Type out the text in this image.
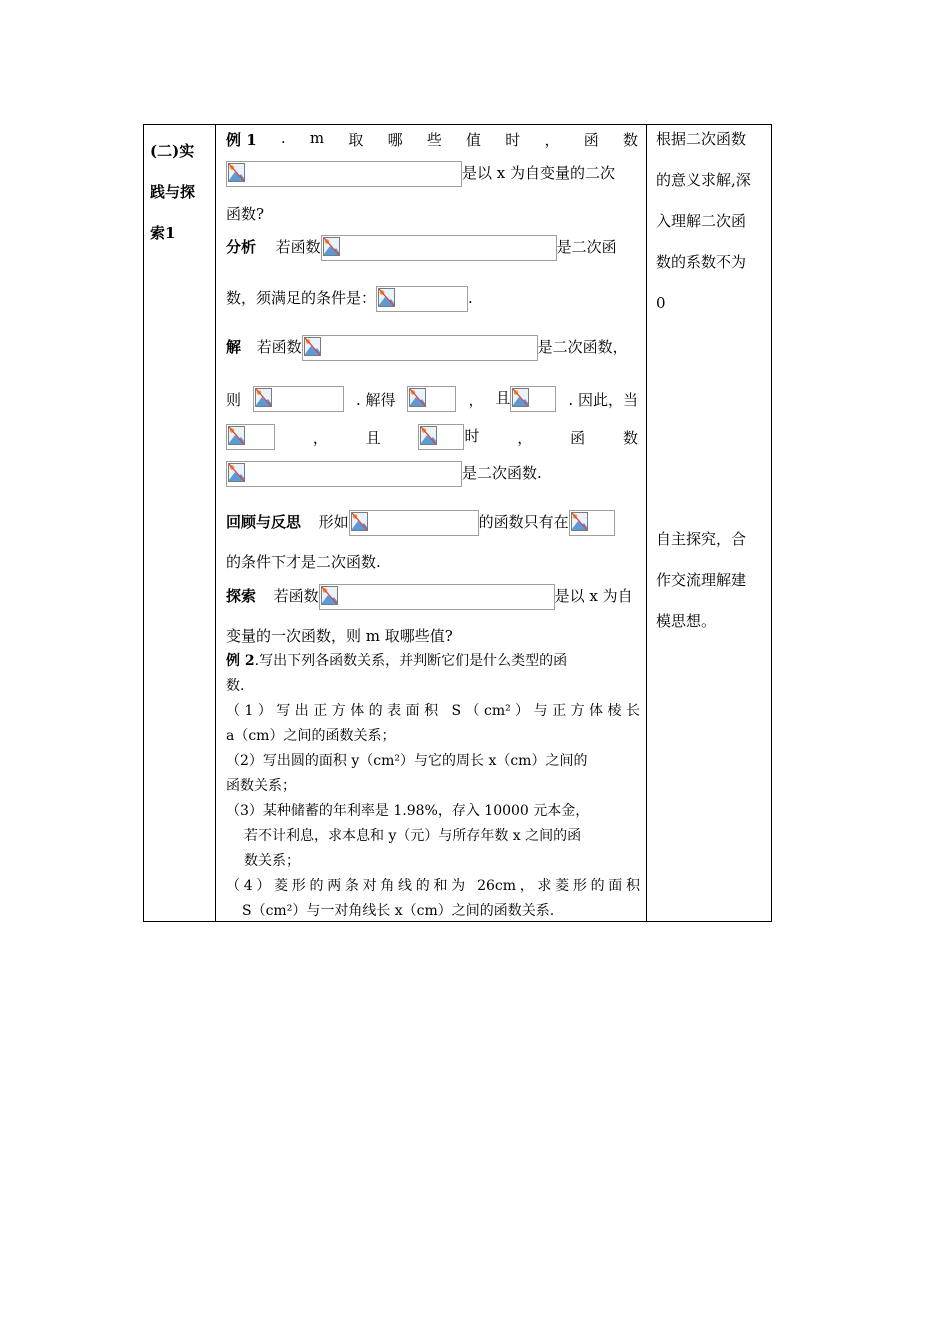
(二)实
践与探
索1
根据二次函数
的意义求解,深
入理解二次函
数的系数不为
0
自主探究，合
作交流理解建
模思想。
例 1 . m 取 哪 些 值 时 ， 函 数
是以 x 为自变量的二次
函数?
分析 若函数	是二次函
数，须满足的条件是：	.
解 若函数	是二次函数，
则	. 解得	， 且	. 因此，当
，	且	时	，	函	数
是二次函数.
回顾与反思 形如	的函数只有在
的条件下才是二次函数.
探索 若函数	是以 x 为自
变量的一次函数，则 m 取哪些值?
例 2.写出下列各函数关系，并判断它们是什么类型的函
数.
（1）写出正方体的表面积 S（cm²）与正方体棱长
a（cm）之间的函数关系；
（2）写出圆的面积 y（cm²）与它的周长 x（cm）之间的
函数关系；
（3）某种储蓄的年利率是 1.98%，存入 10000 元本金，
若不计利息，求本息和 y（元）与所存年数 x 之间的函
数关系；
（4）菱形的两条对角线的和为 26cm，求菱形的面积
S（cm²）与一对角线长 x（cm）之间的函数关系.
